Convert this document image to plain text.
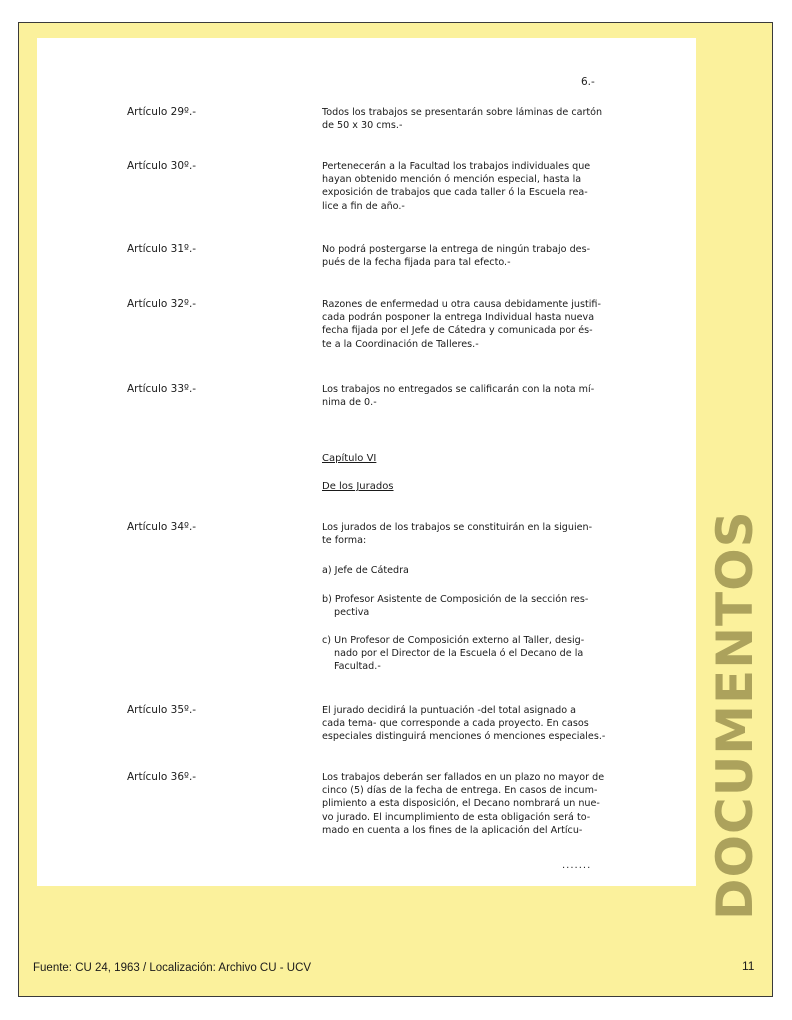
6.-
Artículo 29º.-	Todos los trabajos se presentarán sobre láminas de cartón
de 50 x 30 cms.-
Artículo 30º.-	Pertenecerán a la Facultad los trabajos individuales que
hayan obtenido mención ó mención especial, hasta la
exposición de trabajos que cada taller ó la Escuela rea-
lice a fin de año.-
Artículo 31º.-	No podrá postergarse la entrega de ningún trabajo des-
pués de la fecha fijada para tal efecto.-
Artículo 32º.-	Razones de enfermedad u otra causa debidamente justifi-
cada podrán posponer la entrega Individual hasta nueva
fecha fijada por el Jefe de Cátedra y comunicada por és-
te a la Coordinación de Talleres.-
Artículo 33º.-	Los trabajos no entregados se calificarán con la nota mí-
nima de 0.-
Capítulo VI
De los Jurados
Artículo 34º.-	Los jurados de los trabajos se constituirán en la siguien-
te forma:
a) Jefe de Cátedra
b) Profesor Asistente de Composición de la sección res-
pectiva
c) Un Profesor de Composición externo al Taller, desig-
nado por el Director de la Escuela ó el Decano de la
Facultad.-
Artículo 35º.-	El jurado decidirá la puntuación -del total asignado a
cada tema- que corresponde a cada proyecto. En casos
especiales distinguirá menciones ó menciones especiales.-
Artículo 36º.-	Los trabajos deberán ser fallados en un plazo no mayor de
cinco (5) días de la fecha de entrega. En casos de incum-
plimiento a esta disposición, el Decano nombrará un nue-
vo jurado. El incumplimiento de esta obligación será to-
mado en cuenta a los fines de la aplicación del Artícu-
....... DOCUMENTOS
Fuente: CU 24, 1963 / Localización: Archivo CU - UCV	11
